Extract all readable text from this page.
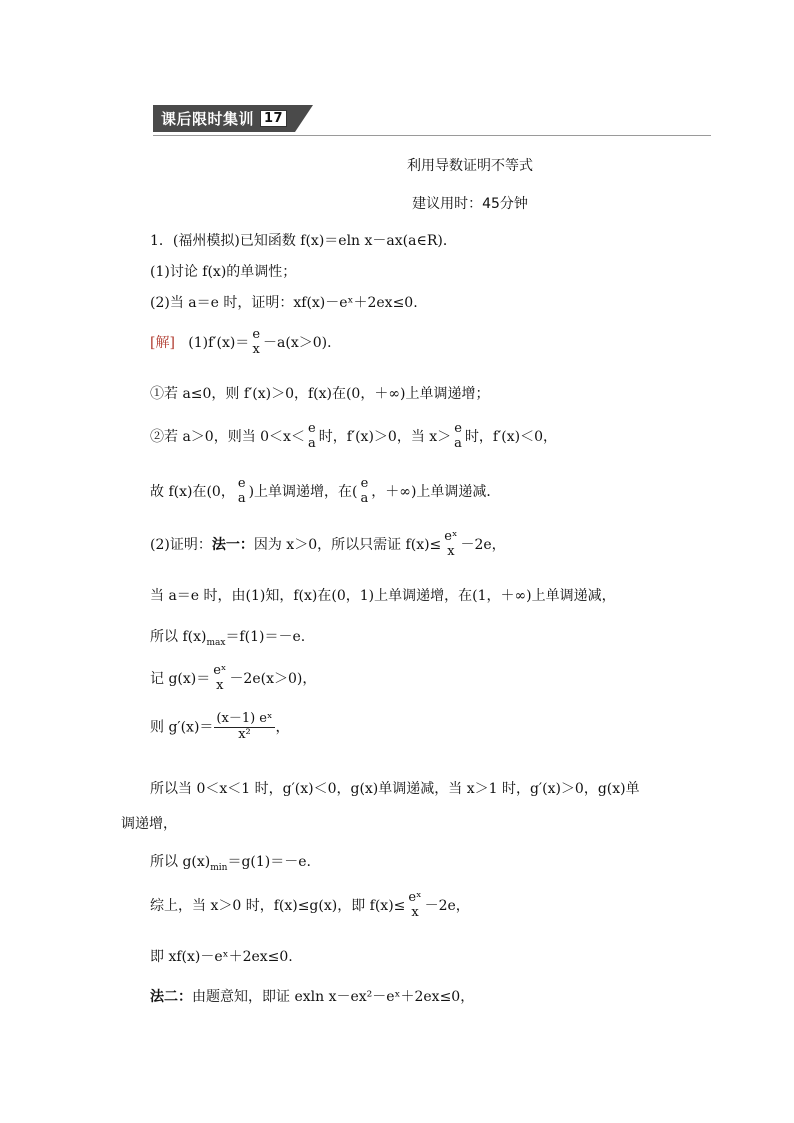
课后限时集训 17
利用导数证明不等式
建议用时：45分钟
1．(福州模拟)已知函数 f(x)＝eln x－ax(a∈R)．
(1)讨论 f(x)的单调性；
(2)当 a＝e 时，证明：xf(x)－eˣ＋2ex≤0.
[解] (1)f′(x)＝
e
x －a(x＞0)．
①若 a≤0，则 f′(x)＞0，f(x)在(0，＋∞)上单调递增；
②若 a＞0，则当 0＜x＜
e
a 时，f′(x)＞0，当 x＞
e
a 时，f′(x)＜0，
故 f(x)在(0，
e
a )上单调递增，在(
e
a ，＋∞)上单调递减．
(2)证明：法一：因为 x＞0，所以只需证 f(x)≤
eˣ
x －2e，
当 a＝e 时，由(1)知，f(x)在(0，1)上单调递增，在(1，＋∞)上单调递减，
所以 $f(x)_{max}=f(1)=-e$.
记 g(x)＝
eˣ
x －2e(x＞0)，
则 $g'(x)= \frac{\text{(x－1) eˣ}}{\text{x²}}$ ，
所以当 0＜x＜1 时，g′(x)＜0，g(x)单调递减，当 x＞1 时，g′(x)＞0，g(x)单
调递增，
所以 $g(x)_{min}=g(1)=-e$.
综上，当 x＞0 时，f(x)≤g(x)，即 f(x)≤
eˣ
x －2e，
即 xf(x)－eˣ＋2ex≤0.
法二：由题意知，即证 exln x－ex²－eˣ＋2ex≤0，
